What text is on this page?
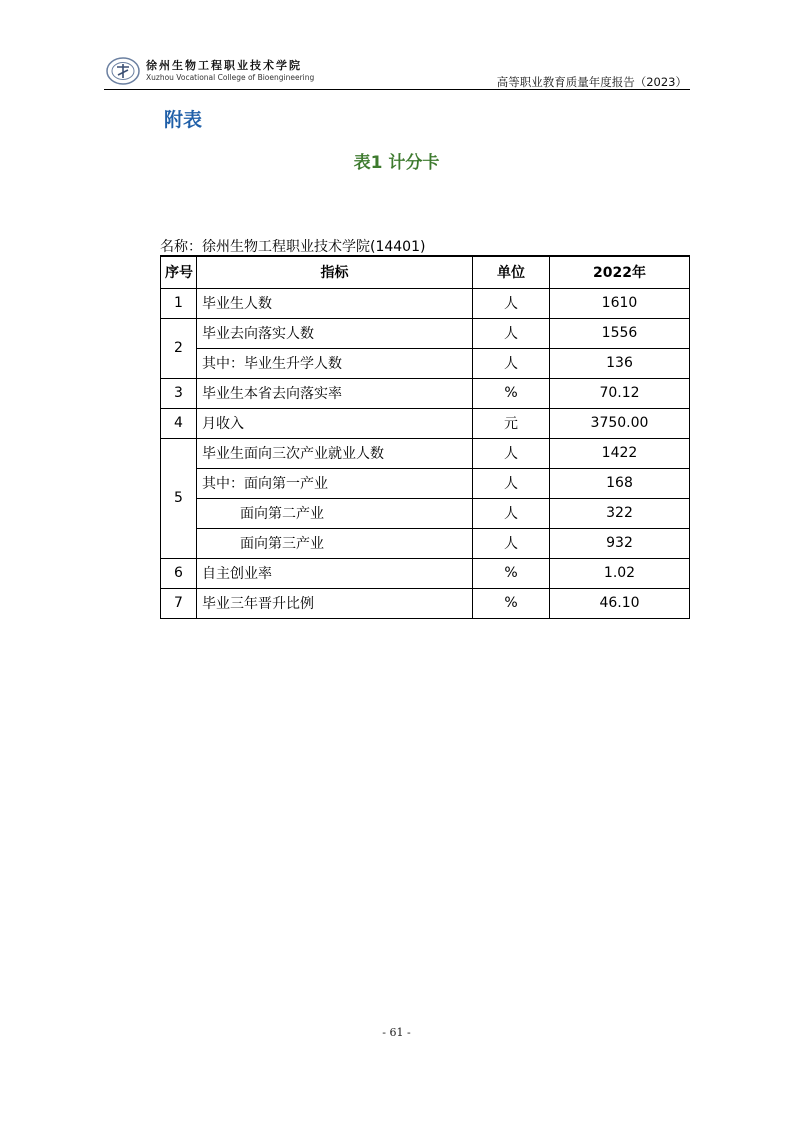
徐州生物工程职业技术学院
Xuzhou Vocational College of Bioengineering	高等职业教育质量年度报告（2023）
附表
表1 计分卡
名称：徐州生物工程职业技术学院(14401)
序号	指标	单位	2022年
1	毕业生人数	人	1610
2	毕业去向落实人数	人	1556
	其中：毕业生升学人数	人	136
3	毕业生本省去向落实率	%	70.12
4	月收入	元	3750.00
5	毕业生面向三次产业就业人数	人	1422
	其中：面向第一产业	人	168
	面向第二产业	人	322
	面向第三产业	人	932
6	自主创业率	%	1.02
7	毕业三年晋升比例	%	46.10
- 61 -
